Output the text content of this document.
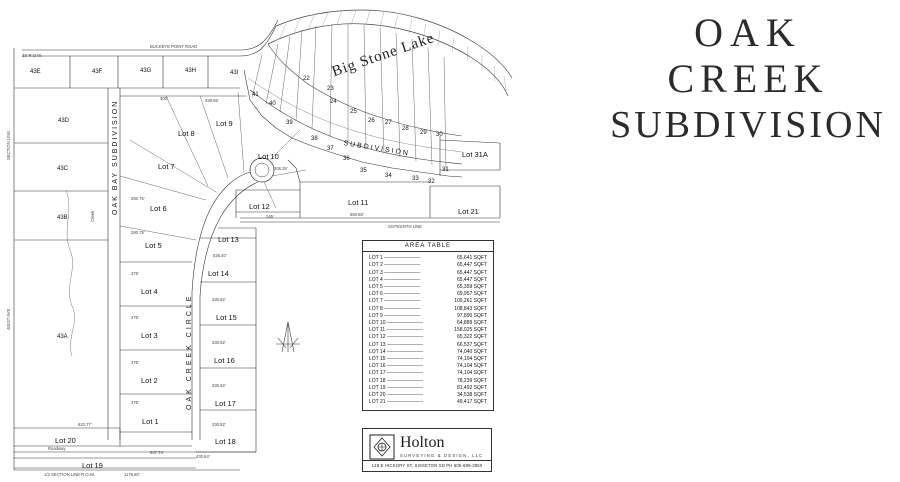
OAK
CREEK
SUBDIVISION
Big Stone Lake
OAK CREEK CIRCLE
OAK BAY SUBDIVISION	SUBDIVISION
BUCKEYE POINT ROAD
SECTION LINE
481ST AVE
SIXTEENTH LINE
1/2 SECTION LINE R.O.W.
Roadway
Creek
43E	43F	43G	43H	43I
43D
43C
43B
43A
Lot 1
Lot 2
Lot 3
Lot 4
Lot 5
Lot 6
Lot 7
Lot 8
Lot 9
Lot 10
Lot 11
Lot 12
Lot 13
Lot 14
Lot 15
Lot 16
Lot 17
Lot 18
Lot 19
Lot 20
Lot 21
Lot 31A
22
23
24
25
26 27
28
29 30
41
40
39
38
37
36
35
34	33 32
31
33' R.O.W.
300'	338.55'
306.35'
245'	660.68'
526.40'
330.82'
330.82'
330.82'
330.82'
430.64'
622.77'
847.74'
1178.50'
275'
275'
275'
275'
280.75'
260.75'
AREA TABLE
LOT 1 ————————	65,641 SQFT
LOT 2 ————————	65,447 SQFT
LOT 3 ————————	65,447 SQFT
LOT 4 ————————	65,447 SQFT
LOT 5 ————————	65,359 SQFT
LOT 6 ————————	69,957 SQFT
LOT 7 ————————	109,261 SQFT
LOT 8 ————————	108,843 SQFT
LOT 9 ————————	97,890 SQFT
LOT 10 ————————	64,889 SQFT
LOT 11 ————————	158,025 SQFT
LOT 12 ————————	65,322 SQFT
LOT 13 ————————	66,537 SQFT
LOT 14 ————————	74,040 SQFT
LOT 15 ————————	74,104 SQFT
LOT 16 ————————	74,104 SQFT
LOT 17 ————————	74,104 SQFT
LOT 18 ————————	78,239 SQFT
LOT 19 ————————	81,492 SQFT
LOT 20 ————————	34,538 SQFT
LOT 21 ————————	49,417 SQFT
Holton
SURVEYING & DESIGN, LLC
128 E HICKORY ST, SISSETON SD PH 605-698-3850
